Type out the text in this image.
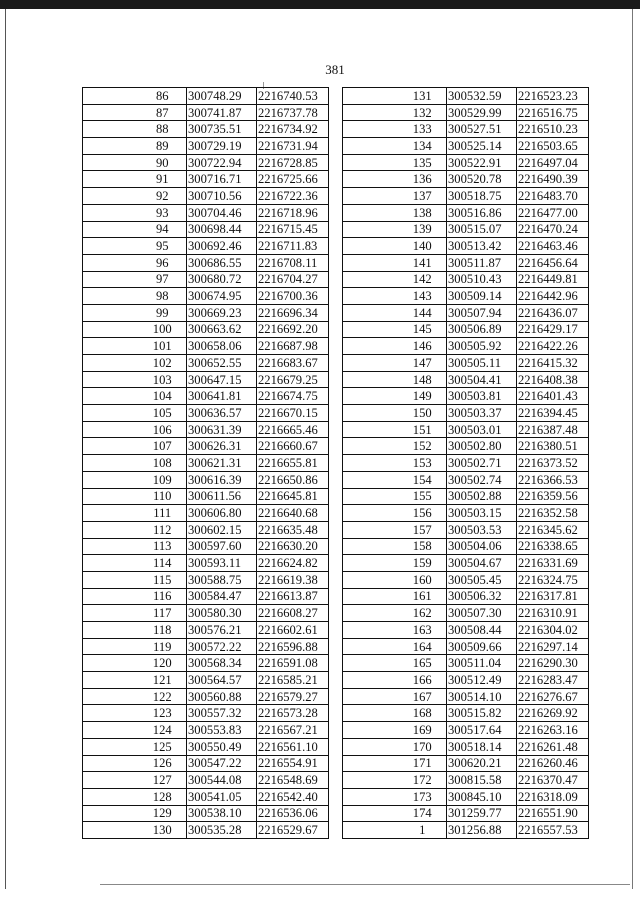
381
	86	300748.29	2216740.53
	87	300741.87	2216737.78
	88	300735.51	2216734.92
	89	300729.19	2216731.94
	90	300722.94	2216728.85
	91	300716.71	2216725.66
	92	300710.56	2216722.36
	93	300704.46	2216718.96
	94	300698.44	2216715.45
	95	300692.46	2216711.83
	96	300686.55	2216708.11
	97	300680.72	2216704.27
	98	300674.95	2216700.36
	99	300669.23	2216696.34
	100	300663.62	2216692.20
	101	300658.06	2216687.98
	102	300652.55	2216683.67
	103	300647.15	2216679.25
	104	300641.81	2216674.75
	105	300636.57	2216670.15
	106	300631.39	2216665.46
	107	300626.31	2216660.67
	108	300621.31	2216655.81
	109	300616.39	2216650.86
	110	300611.56	2216645.81
	111	300606.80	2216640.68
	112	300602.15	2216635.48
	113	300597.60	2216630.20
	114	300593.11	2216624.82
	115	300588.75	2216619.38
	116	300584.47	2216613.87
	117	300580.30	2216608.27
	118	300576.21	2216602.61
	119	300572.22	2216596.88
	120	300568.34	2216591.08
	121	300564.57	2216585.21
	122	300560.88	2216579.27
	123	300557.32	2216573.28
	124	300553.83	2216567.21
	125	300550.49	2216561.10
	126	300547.22	2216554.91
	127	300544.08	2216548.69
	128	300541.05	2216542.40
	129	300538.10	2216536.06
	130	300535.28	2216529.67
	131	300532.59	2216523.23
	132	300529.99	2216516.75
	133	300527.51	2216510.23
	134	300525.14	2216503.65
	135	300522.91	2216497.04
	136	300520.78	2216490.39
	137	300518.75	2216483.70
	138	300516.86	2216477.00
	139	300515.07	2216470.24
	140	300513.42	2216463.46
	141	300511.87	2216456.64
	142	300510.43	2216449.81
	143	300509.14	2216442.96
	144	300507.94	2216436.07
	145	300506.89	2216429.17
	146	300505.92	2216422.26
	147	300505.11	2216415.32
	148	300504.41	2216408.38
	149	300503.81	2216401.43
	150	300503.37	2216394.45
	151	300503.01	2216387.48
	152	300502.80	2216380.51
	153	300502.71	2216373.52
	154	300502.74	2216366.53
	155	300502.88	2216359.56
	156	300503.15	2216352.58
	157	300503.53	2216345.62
	158	300504.06	2216338.65
	159	300504.67	2216331.69
	160	300505.45	2216324.75
	161	300506.32	2216317.81
	162	300507.30	2216310.91
	163	300508.44	2216304.02
	164	300509.66	2216297.14
	165	300511.04	2216290.30
	166	300512.49	2216283.47
	167	300514.10	2216276.67
	168	300515.82	2216269.92
	169	300517.64	2216263.16
	170	300518.14	2216261.48
	171	300620.21	2216260.46
	172	300815.58	2216370.47
	173	300845.10	2216318.09
	174	301259.77	2216551.90
	1	301256.88	2216557.53
